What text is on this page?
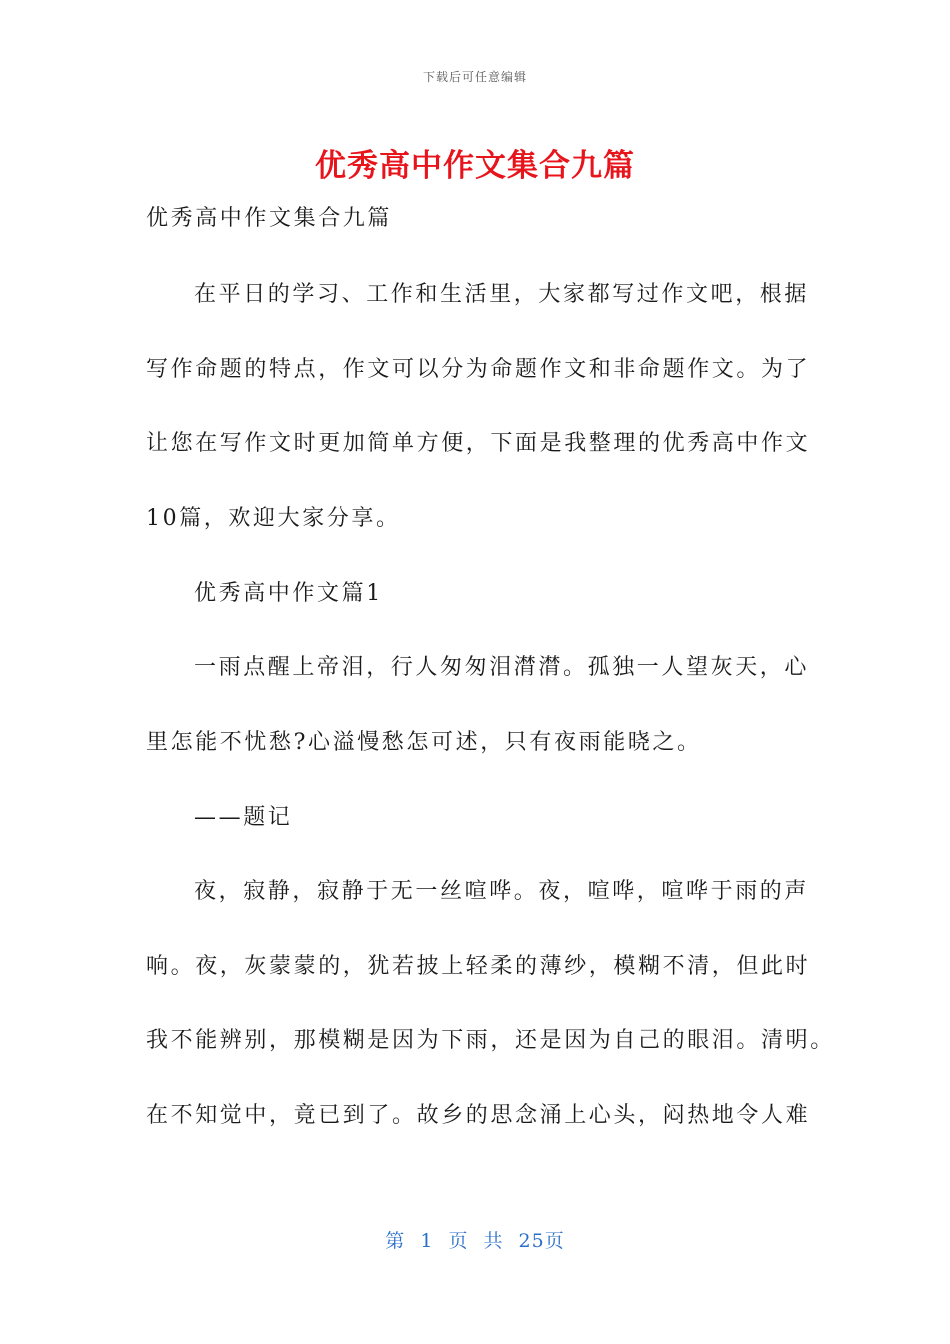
下载后可任意编辑
优秀高中作文集合九篇
优秀高中作文集合九篇
在平日的学习、工作和生活里，大家都写过作文吧，根据
写作命题的特点，作文可以分为命题作文和非命题作文。为了
让您在写作文时更加简单方便，下面是我整理的优秀高中作文
10篇，欢迎大家分享。
优秀高中作文篇1
一雨点醒上帝泪，行人匆匆泪潸潸。孤独一人望灰天，心
里怎能不忧愁?心溢慢愁怎可述，只有夜雨能晓之。
——题记
夜，寂静，寂静于无一丝喧哗。夜，喧哗，喧哗于雨的声
响。夜，灰蒙蒙的，犹若披上轻柔的薄纱，模糊不清，但此时
我不能辨别，那模糊是因为下雨，还是因为自己的眼泪。清明。
在不知觉中，竟已到了。故乡的思念涌上心头，闷热地令人难
第 1 页 共 25页
